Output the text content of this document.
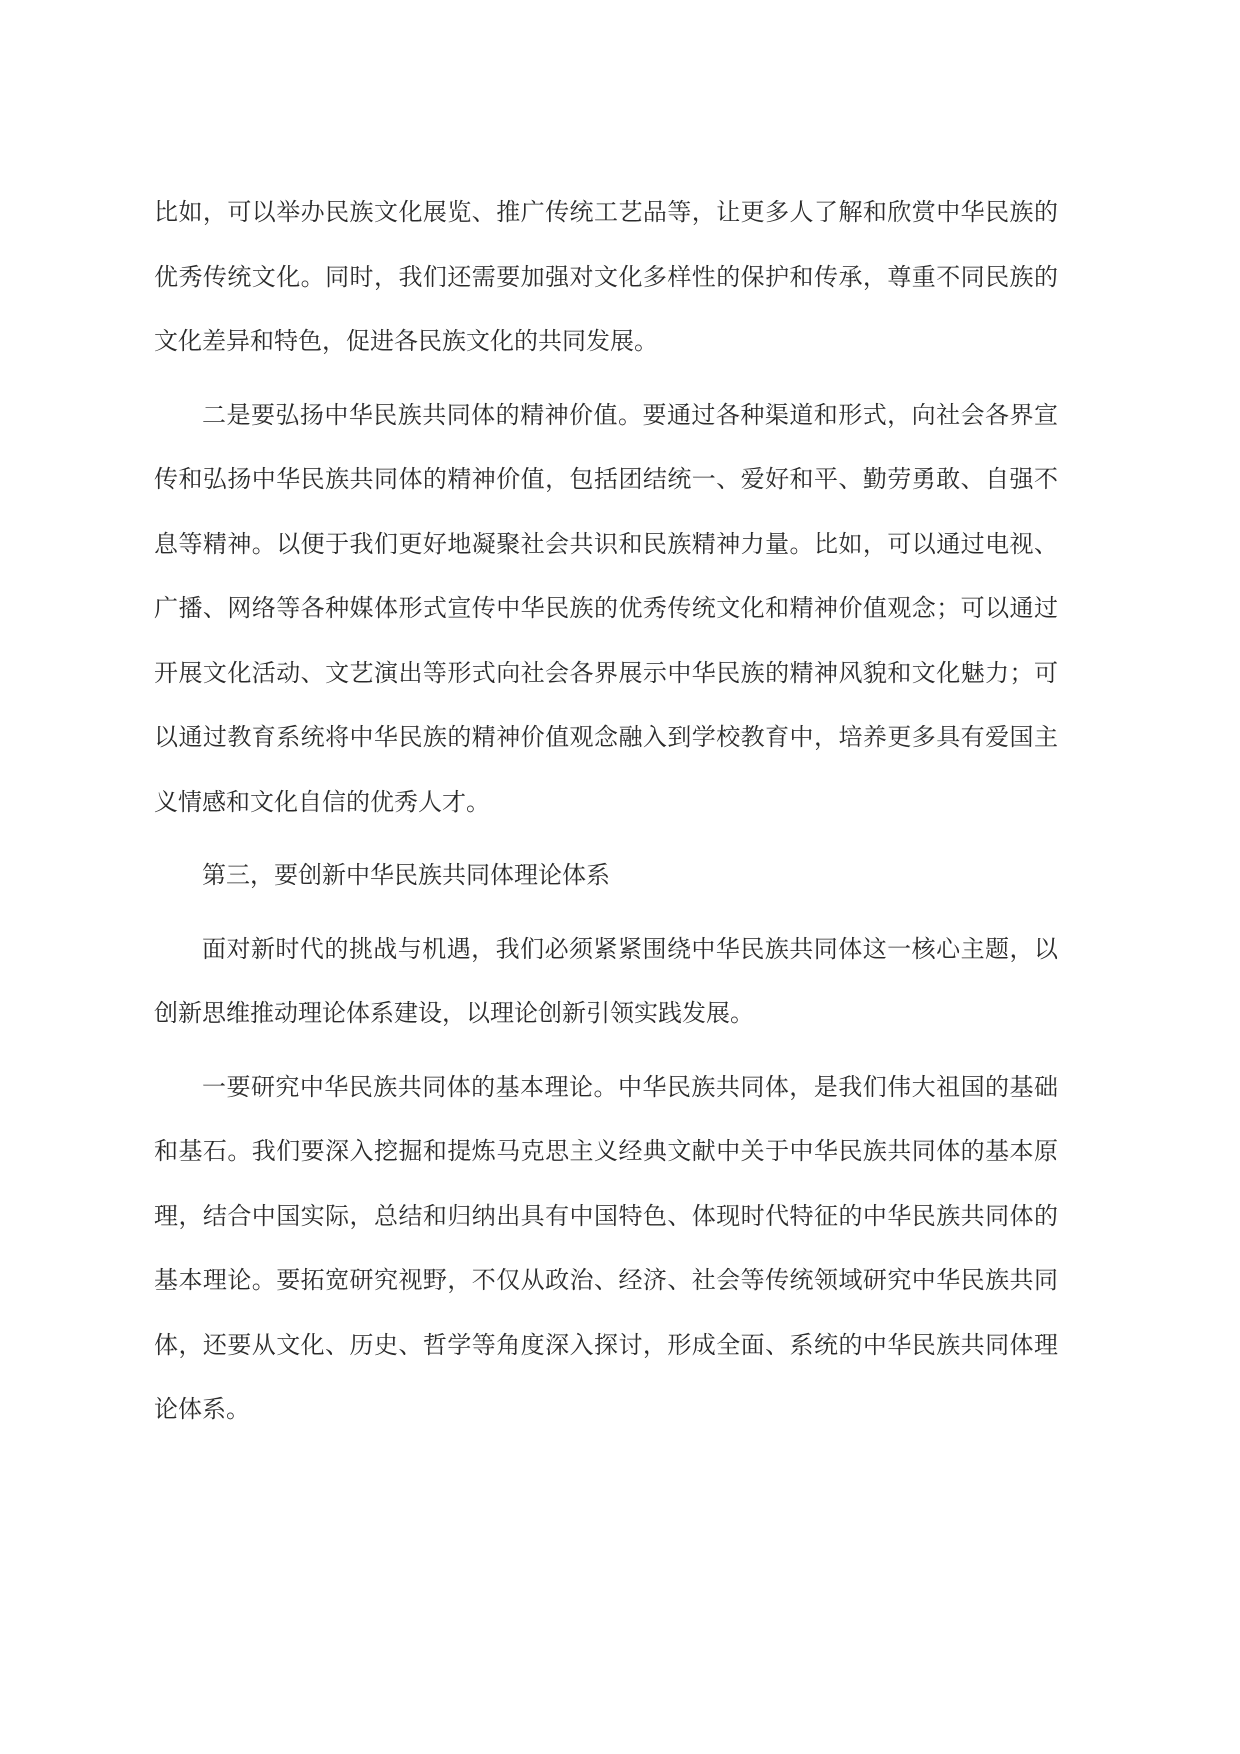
比如，可以举办民族文化展览、推广传统工艺品等，让更多人了解和欣赏中华民族的优秀传统文化。同时，我们还需要加强对文化多样性的保护和传承，尊重不同民族的文化差异和特色，促进各民族文化的共同发展。

二是要弘扬中华民族共同体的精神价值。要通过各种渠道和形式，向社会各界宣传和弘扬中华民族共同体的精神价值，包括团结统一、爱好和平、勤劳勇敢、自强不息等精神。以便于我们更好地凝聚社会共识和民族精神力量。比如，可以通过电视、广播、网络等各种媒体形式宣传中华民族的优秀传统文化和精神价值观念；可以通过开展文化活动、文艺演出等形式向社会各界展示中华民族的精神风貌和文化魅力；可以通过教育系统将中华民族的精神价值观念融入到学校教育中，培养更多具有爱国主义情感和文化自信的优秀人才。

第三，要创新中华民族共同体理论体系

面对新时代的挑战与机遇，我们必须紧紧围绕中华民族共同体这一核心主题，以创新思维推动理论体系建设，以理论创新引领实践发展。

一要研究中华民族共同体的基本理论。中华民族共同体，是我们伟大祖国的基础和基石。我们要深入挖掘和提炼马克思主义经典文献中关于中华民族共同体的基本原理，结合中国实际，总结和归纳出具有中国特色、体现时代特征的中华民族共同体的基本理论。要拓宽研究视野，不仅从政治、经济、社会等传统领域研究中华民族共同体，还要从文化、历史、哲学等角度深入探讨，形成全面、系统的中华民族共同体理论体系。
